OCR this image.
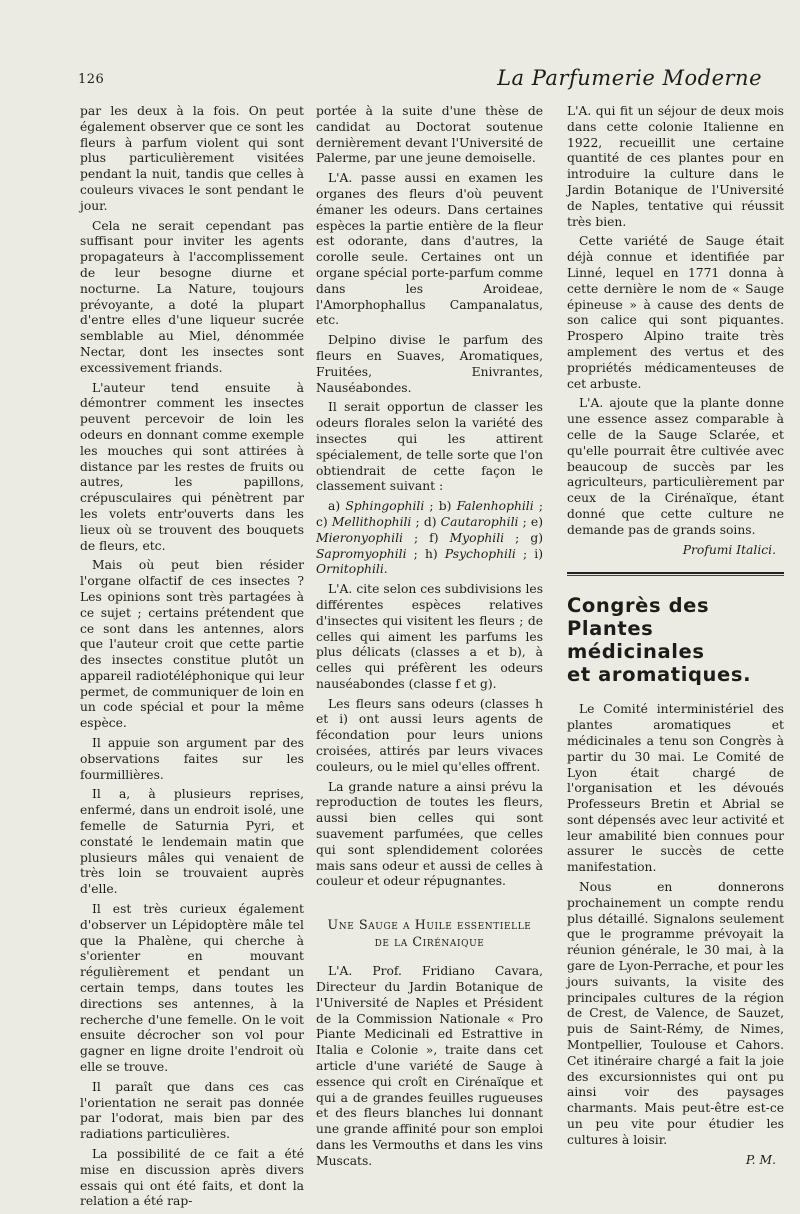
126	La Parfumerie Moderne

par les deux à la fois. On peut également observer que ce sont les fleurs à parfum violent qui sont plus particulièrement visitées pendant la nuit, tandis que celles à couleurs vivaces le sont pendant le jour.

Cela ne serait cependant pas suffisant pour inviter les agents propagateurs à l'accomplissement de leur besogne diurne et nocturne. La Nature, toujours prévoyante, a doté la plupart d'entre elles d'une liqueur sucrée semblable au Miel, dénommée Nectar, dont les insectes sont excessivement friands.

L'auteur tend ensuite à démontrer comment les insectes peuvent percevoir de loin les odeurs en donnant comme exemple les mouches qui sont attirées à distance par les restes de fruits ou autres, les papillons, crépusculaires qui pénètrent par les volets entr'ouverts dans les lieux où se trouvent des bouquets de fleurs, etc.

Mais où peut bien résider l'organe olfactif de ces insectes ? Les opinions sont très partagées à ce sujet ; certains prétendent que ce sont dans les antennes, alors que l'auteur croit que cette partie des insectes constitue plutôt un appareil radiotéléphonique qui leur permet, de communiquer de loin en un code spécial et pour la même espèce.

Il appuie son argument par des observations faites sur les fourmillières.

Il a, à plusieurs reprises, enfermé, dans un endroit isolé, une femelle de Saturnia Pyri, et constaté le lendemain matin que plusieurs mâles qui venaient de très loin se trouvaient auprès d'elle.

Il est très curieux également d'observer un Lépidoptère mâle tel que la Phalène, qui cherche à s'orienter en mouvant régulièrement et pendant un certain temps, dans toutes les directions ses antennes, à la recherche d'une femelle. On le voit ensuite décrocher son vol pour gagner en ligne droite l'endroit où elle se trouve.

Il paraît que dans ces cas l'orientation ne serait pas donnée par l'odorat, mais bien par des radiations particulières.

La possibilité de ce fait a été mise en discussion après divers essais qui ont été faits, et dont la relation a été rap-

portée à la suite d'une thèse de candidat au Doctorat soutenue dernièrement devant l'Université de Palerme, par une jeune demoiselle.

L'A. passe aussi en examen les organes des fleurs d'où peuvent émaner les odeurs. Dans certaines espèces la partie entière de la fleur est odorante, dans d'autres, la corolle seule. Certaines ont un organe spécial porte-parfum comme dans les Aroideae, l'Amorphophallus Campanalatus, etc.

Delpino divise le parfum des fleurs en Suaves, Aromatiques, Fruitées, Enivrantes, Nauséabondes.

Il serait opportun de classer les odeurs florales selon la variété des insectes qui les attirent spécialement, de telle sorte que l'on obtiendrait de cette façon le classement suivant :

a) Sphingophili ; b) Falenhophili ; c) Mellithophili ; d) Cautarophili ; e) Mieronyophili ; f) Myophili ; g) Sapromyophili ; h) Psychophili ; i) Ornitophili.

L'A. cite selon ces subdivisions les différentes espèces relatives d'insectes qui visitent les fleurs ; de celles qui aiment les parfums les plus délicats (classes a et b), à celles qui préfèrent les odeurs nauséabondes (classe f et g).

Les fleurs sans odeurs (classes h et i) ont aussi leurs agents de fécondation pour leurs unions croisées, attirés par leurs vivaces couleurs, ou le miel qu'elles offrent.

La grande nature a ainsi prévu la reproduction de toutes les fleurs, aussi bien celles qui sont suavement parfumées, que celles qui sont splendidement colorées mais sans odeur et aussi de celles à couleur et odeur répugnantes.

Une Sauge a Huile essentielle
de la Cirénaique

L'A. Prof. Fridiano Cavara, Directeur du Jardin Botanique de l'Université de Naples et Président de la Commission Nationale « Pro Piante Medicinali ed Estrattive in Italia e Colonie », traite dans cet article d'une variété de Sauge à essence qui croît en Cirénaïque et qui a de grandes feuilles rugueuses et des fleurs blanches lui donnant une grande affinité pour son emploi dans les Vermouths et dans les vins Muscats.

L'A. qui fit un séjour de deux mois dans cette colonie Italienne en 1922, recueillit une certaine quantité de ces plantes pour en introduire la culture dans le Jardin Botanique de l'Université de Naples, tentative qui réussit très bien.

Cette variété de Sauge était déjà connue et identifiée par Linné, lequel en 1771 donna à cette dernière le nom de « Sauge épineuse » à cause des dents de son calice qui sont piquantes. Prospero Alpino traite très amplement des vertus et des propriétés médicamenteuses de cet arbuste.

L'A. ajoute que la plante donne une essence assez comparable à celle de la Sauge Sclarée, et qu'elle pourrait être cultivée avec beaucoup de succès par les agriculteurs, particulièrement par ceux de la Cirénaïque, étant donné que cette culture ne demande pas de grands soins.

Profumi Italici.
Congrès des Plantes
médicinales
et aromatiques.

Le Comité interministériel des plantes aromatiques et médicinales a tenu son Congrès à partir du 30 mai. Le Comité de Lyon était chargé de l'organisation et les dévoués Professeurs Bretin et Abrial se sont dépensés avec leur activité et leur amabilité bien connues pour assurer le succès de cette manifestation.

Nous en donnerons prochainement un compte rendu plus détaillé. Signalons seulement que le programme prévoyait la réunion générale, le 30 mai, à la gare de Lyon-Perrache, et pour les jours suivants, la visite des principales cultures de la région de Crest, de Valence, de Sauzet, puis de Saint-Rémy, de Nimes, Montpellier, Toulouse et Cahors. Cet itinéraire chargé a fait la joie des excursionnistes qui ont pu ainsi voir des paysages charmants. Mais peut-être est-ce un peu vite pour étudier les cultures à loisir.

P. M.
